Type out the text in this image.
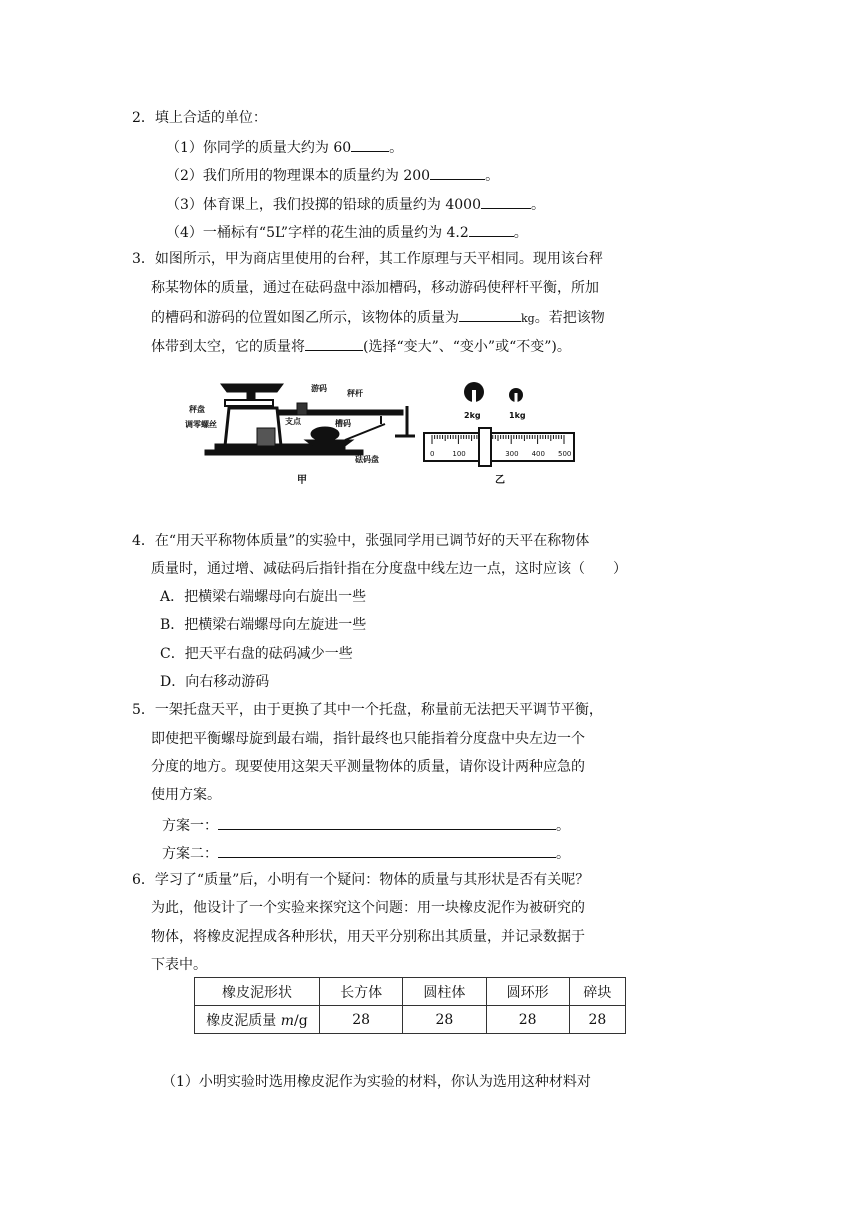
2．填上合适的单位：
（1）你同学的质量大约为 60	。
（2）我们所用的物理课本的质量约为 200	。
（3）体育课上，我们投掷的铅球的质量约为 4000	。
（4）一桶标有“5L”字样的花生油的质量约为 4.2	。
3．如图所示，甲为商店里使用的台秤，其工作原理与天平相同。现用该台秤
称某物体的质量，通过在砝码盘中添加槽码，移动游码使秤杆平衡，所加
的槽码和游码的位置如图乙所示，该物体的质量为	kg。若把该物
体带到太空，它的质量将	(选择“变大”、“变小”或“不变”)。
秤盘
调零螺丝
游码
秤杆
支点	槽码
砝码盘
甲
2kg	1kg
0	100	300 400 500
乙
4．在“用天平称物体质量”的实验中，张强同学用已调节好的天平在称物体
质量时，通过增、减砝码后指针指在分度盘中线左边一点，这时应该（　　）
A．把横梁右端螺母向右旋出一些
B．把横梁右端螺母向左旋进一些
C．把天平右盘的砝码减少一些
D．向右移动游码
5．一架托盘天平，由于更换了其中一个托盘，称量前无法把天平调节平衡，
即使把平衡螺母旋到最右端，指针最终也只能指着分度盘中央左边一个
分度的地方。现要使用这架天平测量物体的质量，请你设计两种应急的
使用方案。
方案一：	。
方案二：	。
6．学习了“质量”后，小明有一个疑问：物体的质量与其形状是否有关呢？
为此，他设计了一个实验来探究这个问题：用一块橡皮泥作为被研究的
物体，将橡皮泥捏成各种形状，用天平分别称出其质量，并记录数据于
下表中。
橡皮泥形状	长方体	圆柱体	圆环形	碎块
橡皮泥质量 m/g	28	28	28	28
（1）小明实验时选用橡皮泥作为实验的材料，你认为选用这种材料对
